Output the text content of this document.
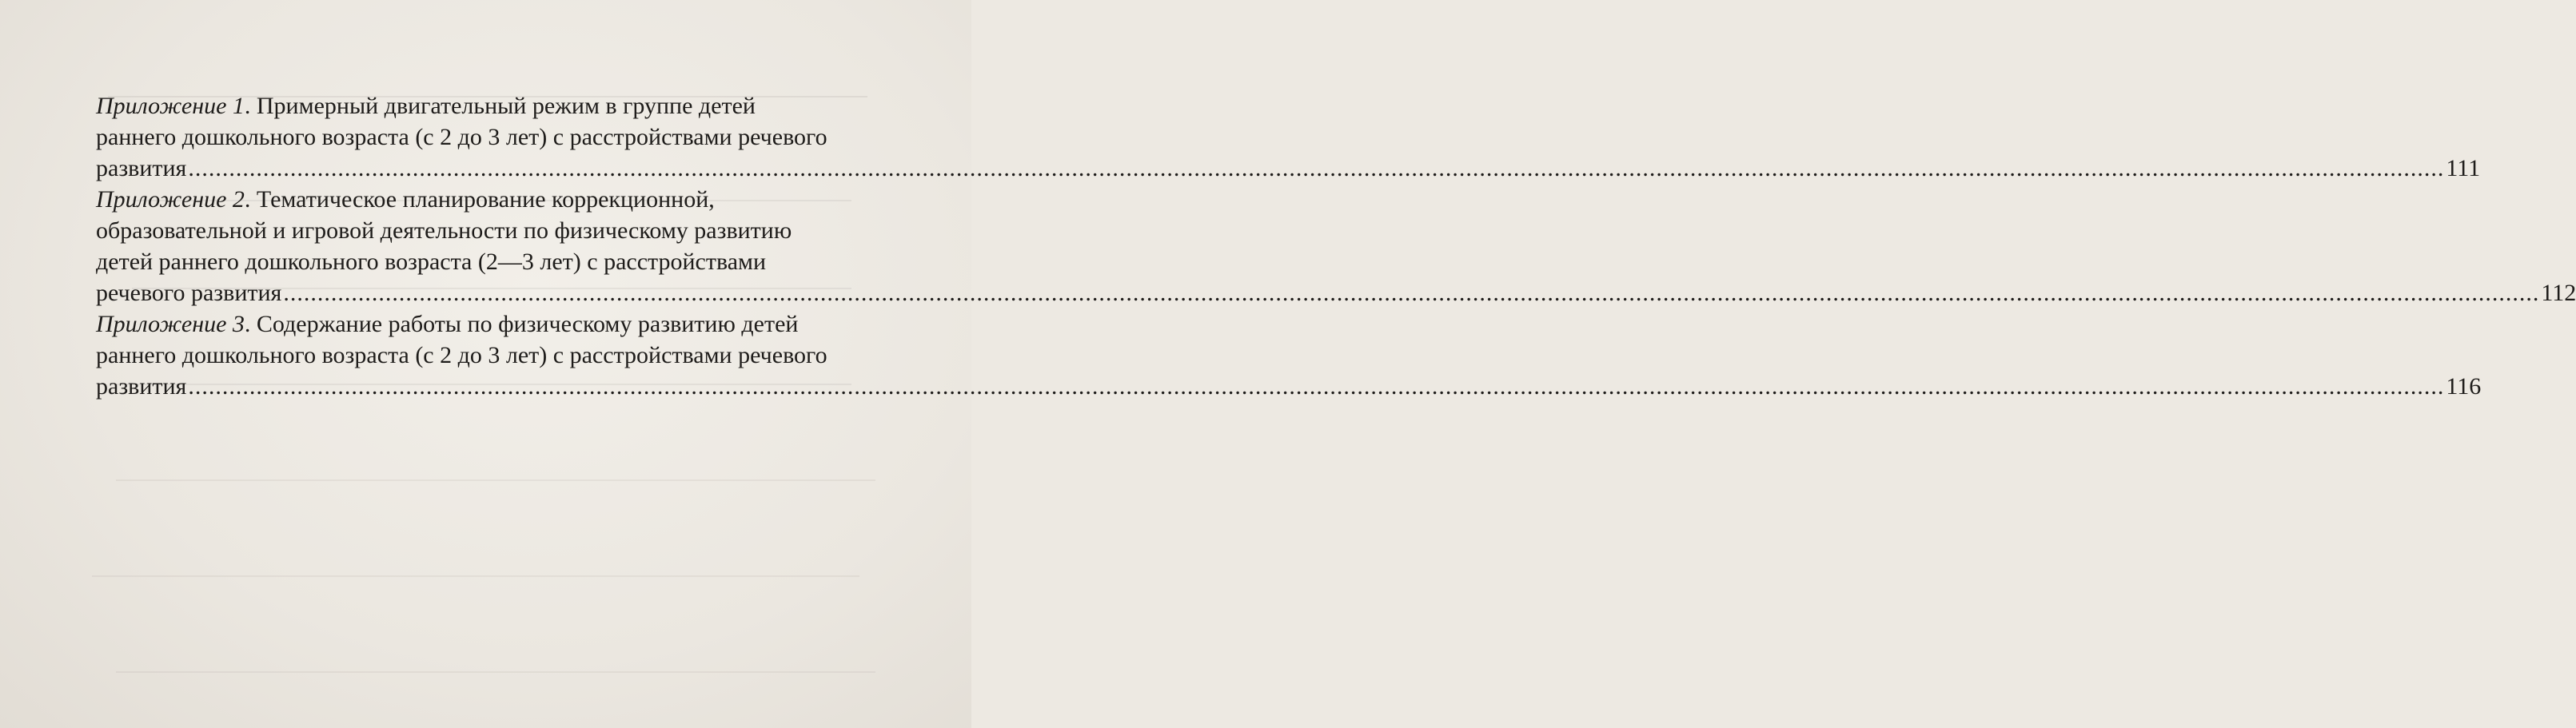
Приложение 1. Примерный двигательный режим в группе детей
раннего дошкольного возраста (с 2 до 3 лет) с расстройствами речевого
развития ............................................................................................................................................................................................................................................................................................................................................ 111
Приложение 2. Тематическое планирование коррекционной,
образовательной и игровой деятельности по физическому развитию
детей раннего дошкольного возраста (2—3 лет) с расстройствами
речевого развития ............................................................................................................................................................................................................................................................................................................................................ 112
Приложение 3. Содержание работы по физическому развитию детей
раннего дошкольного возраста (с 2 до 3 лет) с расстройствами речевого
развития ............................................................................................................................................................................................................................................................................................................................................ 116
